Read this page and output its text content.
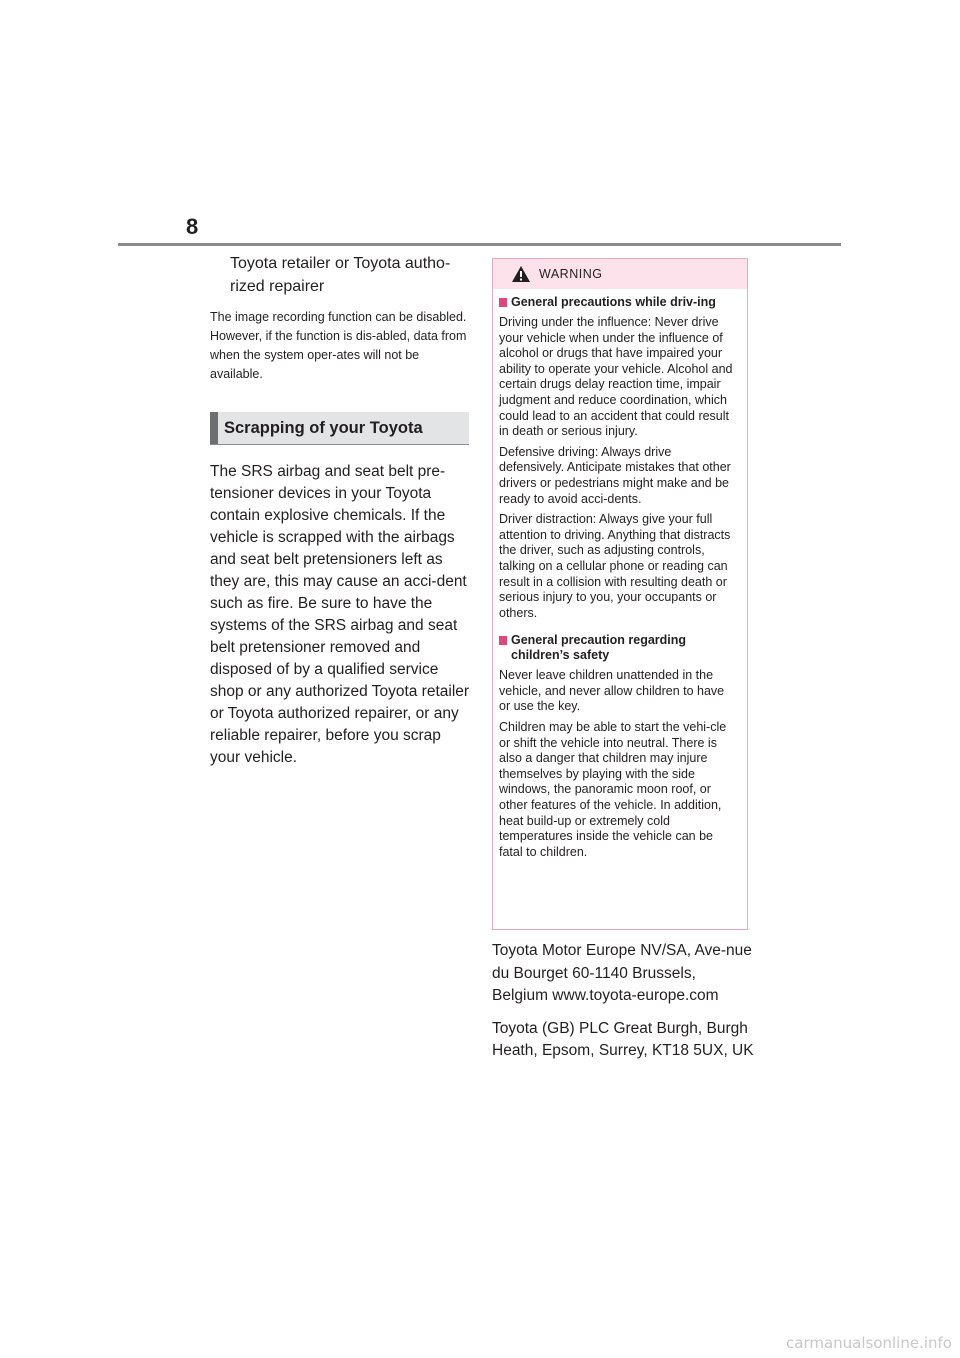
8

Toyota retailer or Toyota autho-rized repairer

The image recording function can be disabled. However, if the function is dis-abled, data from when the system oper-ates will not be available.

Scrapping of your Toyota

The SRS airbag and seat belt pre-tensioner devices in your Toyota contain explosive chemicals. If the vehicle is scrapped with the airbags and seat belt pretensioners left as they are, this may cause an acci-dent such as fire. Be sure to have the systems of the SRS airbag and seat belt pretensioner removed and disposed of by a qualified service shop or any authorized Toyota retailer or Toyota authorized repairer, or any reliable repairer, before you scrap your vehicle.

WARNING
General precautions while driv-ing

Driving under the influence: Never drive your vehicle when under the influence of alcohol or drugs that have impaired your ability to operate your vehicle. Alcohol and certain drugs delay reaction time, impair judgment and reduce coordination, which could lead to an accident that could result in death or serious injury.

Defensive driving: Always drive defensively. Anticipate mistakes that other drivers or pedestrians might make and be ready to avoid acci-dents.

Driver distraction: Always give your full attention to driving. Anything that distracts the driver, such as adjusting controls, talking on a cellular phone or reading can result in a collision with resulting death or serious injury to you, your occupants or others.

General precaution regarding children’s safety

Never leave children unattended in the vehicle, and never allow children to have or use the key.

Children may be able to start the vehi-cle or shift the vehicle into neutral. There is also a danger that children may injure themselves by playing with the side windows, the panoramic moon roof, or other features of the vehicle. In addition, heat build-up or extremely cold temperatures inside the vehicle can be fatal to children.

Toyota Motor Europe NV/SA, Ave-nue du Bourget 60-1140 Brussels, Belgium www.toyota-europe.com

Toyota (GB) PLC Great Burgh, Burgh Heath, Epsom, Surrey, KT18 5UX, UK

carmanualsonline.info
